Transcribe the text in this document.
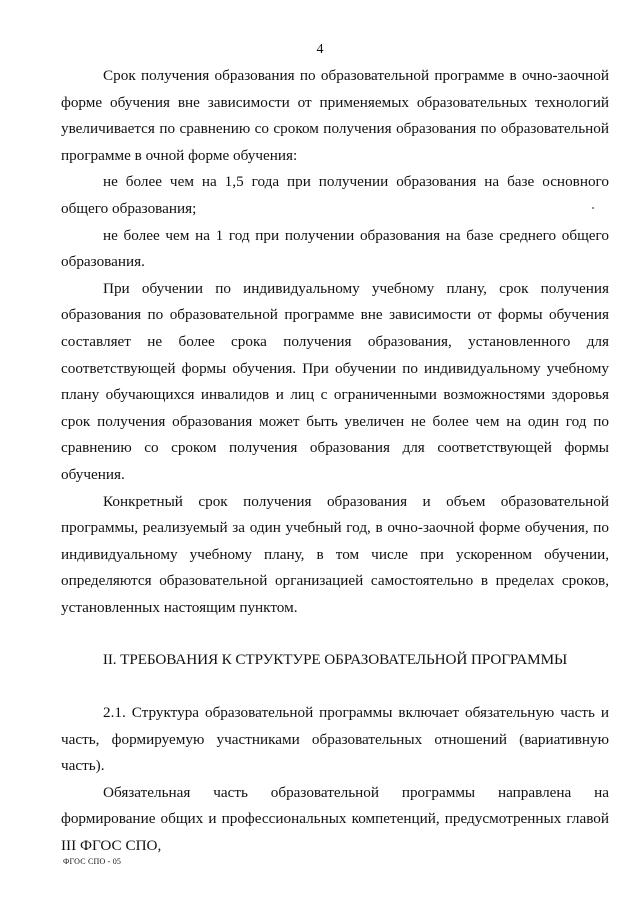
4

Срок получения образования по образовательной программе в очно-заочной форме обучения вне зависимости от применяемых образовательных технологий увеличивается по сравнению со сроком получения образования по образовательной программе в очной форме обучения:

не более чем на 1,5 года при получении образования на базе основного общего образования;

не более чем на 1 год при получении образования на базе среднего общего образования.

При обучении по индивидуальному учебному плану, срок получения образования по образовательной программе вне зависимости от формы обучения составляет не более срока получения образования, установленного для соответствующей формы обучения. При обучении по индивидуальному учебному плану обучающихся инвалидов и лиц с ограниченными возможностями здоровья срок получения образования может быть увеличен не более чем на один год по сравнению со сроком получения образования для соответствующей формы обучения.

Конкретный срок получения образования и объем образовательной программы, реализуемый за один учебный год, в очно-заочной форме обучения, по индивидуальному учебному плану, в том числе при ускоренном обучении, определяются образовательной организацией самостоятельно в пределах сроков, установленных настоящим пунктом.

II. ТРЕБОВАНИЯ К СТРУКТУРЕ ОБРАЗОВАТЕЛЬНОЙ ПРОГРАММЫ

2.1. Структура образовательной программы включает обязательную часть и часть, формируемую участниками образовательных отношений (вариативную часть).

Обязательная часть образовательной программы направлена на формирование общих и профессиональных компетенций, предусмотренных главой III ФГОС СПО,

ФГОС СПО - 05
